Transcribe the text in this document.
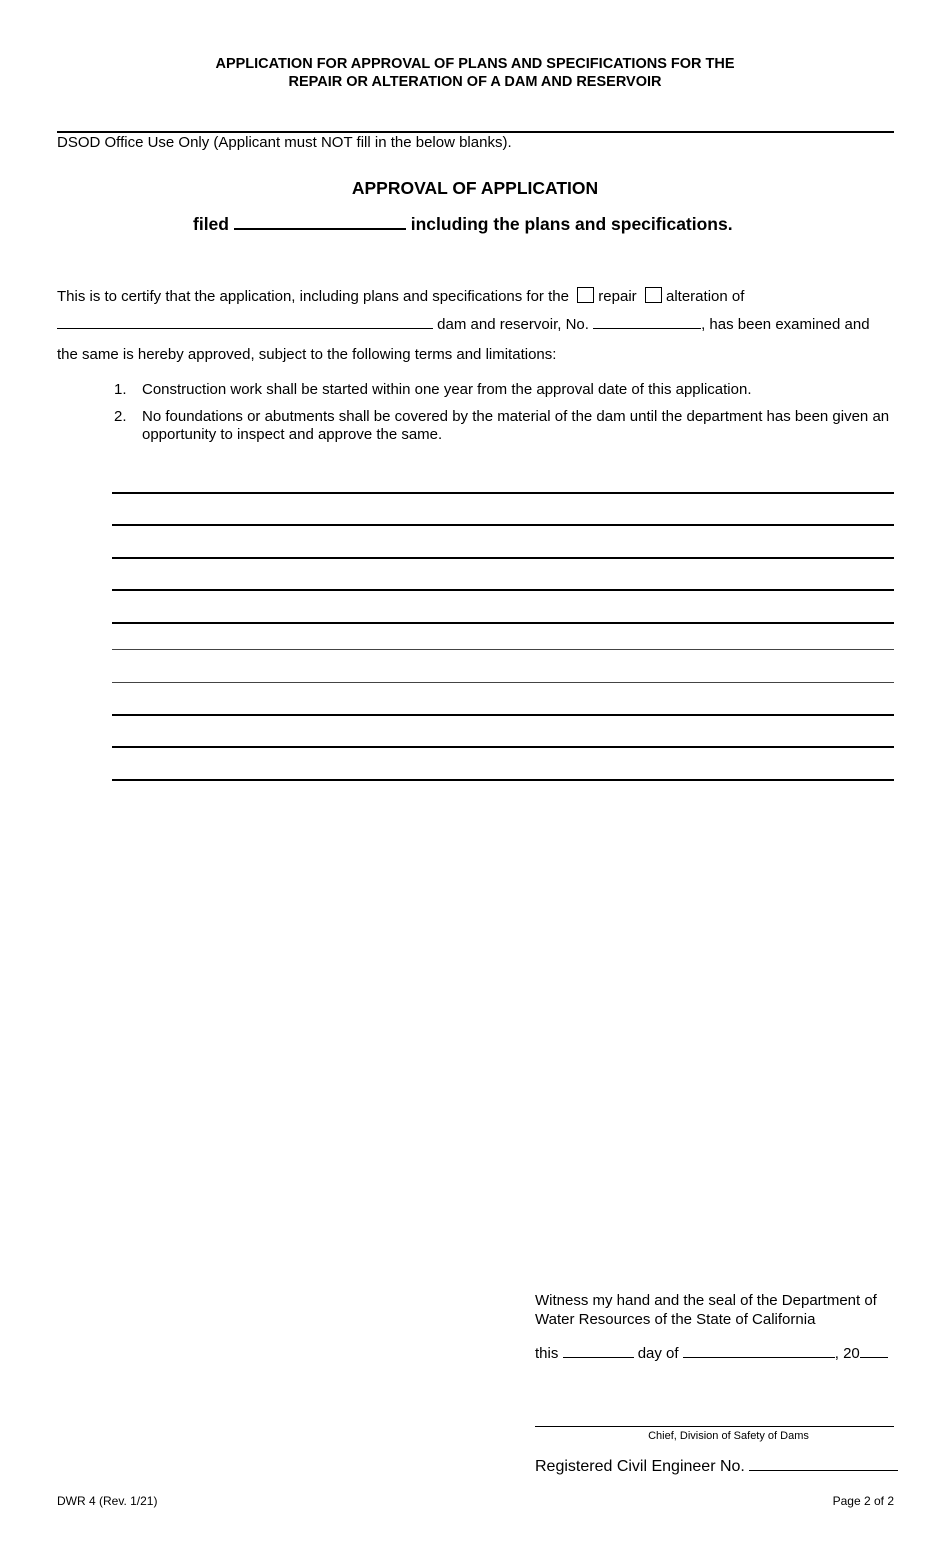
APPLICATION FOR APPROVAL OF PLANS AND SPECIFICATIONS FOR THE
REPAIR OR ALTERATION OF A DAM AND RESERVOIR
DSOD Office Use Only (Applicant must NOT fill in the below blanks).
APPROVAL OF APPLICATION
filed	including the plans and specifications.
This is to certify that the application, including plans and specifications for the repair alteration of
dam and reservoir, No.	, has been examined and
the same is hereby approved, subject to the following terms and limitations:
1. Construction work shall be started within one year from the approval date of this application.
2. No foundations or abutments shall be covered by the material of the dam until the department has been given an opportunity to inspect and approve the same.
Witness my hand and the seal of the Department of
Water Resources of the State of California
this	day of	, 20
Chief, Division of Safety of Dams
Registered Civil Engineer No.
DWR 4 (Rev. 1/21)	Page 2 of 2
